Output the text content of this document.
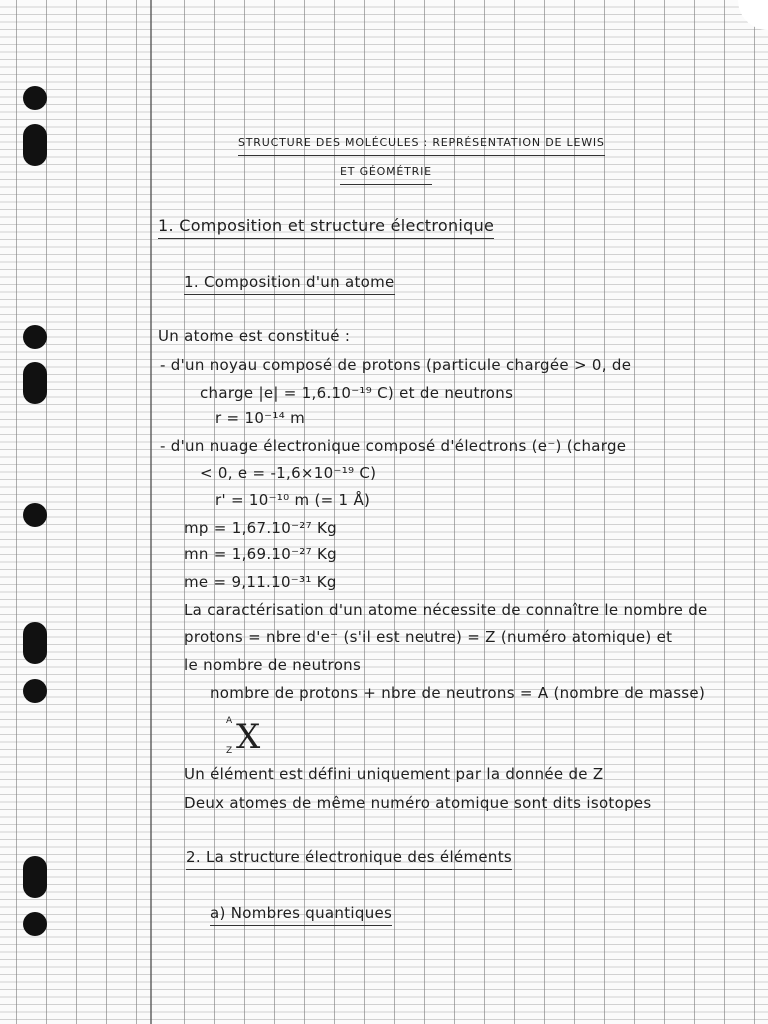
STRUCTURE DES MOLÉCULES : REPRÉSENTATION DE LEWIS
ET GÉOMÉTRIE
1. Composition et structure électronique
1. Composition d'un atome
Un atome est constitué :
- d'un noyau composé de protons (particule chargée > 0, de
charge |e| = 1,6.10⁻¹⁹ C) et de neutrons
r = 10⁻¹⁴ m
- d'un nuage électronique composé d'électrons (e⁻) (charge
< 0, e = -1,6×10⁻¹⁹ C)
r' = 10⁻¹⁰ m (= 1 Å)
mp = 1,67.10⁻²⁷ Kg
mn = 1,69.10⁻²⁷ Kg
me = 9,11.10⁻³¹ Kg
La caractérisation d'un atome nécessite de connaître le nombre de
protons = nbre d'e⁻ (s'il est neutre) = Z (numéro atomique) et
le nombre de neutrons
nombre de protons + nbre de neutrons = A (nombre de masse)
A X
Z
Un élément est défini uniquement par la donnée de Z
Deux atomes de même numéro atomique sont dits isotopes
2. La structure électronique des éléments
a) Nombres quantiques
